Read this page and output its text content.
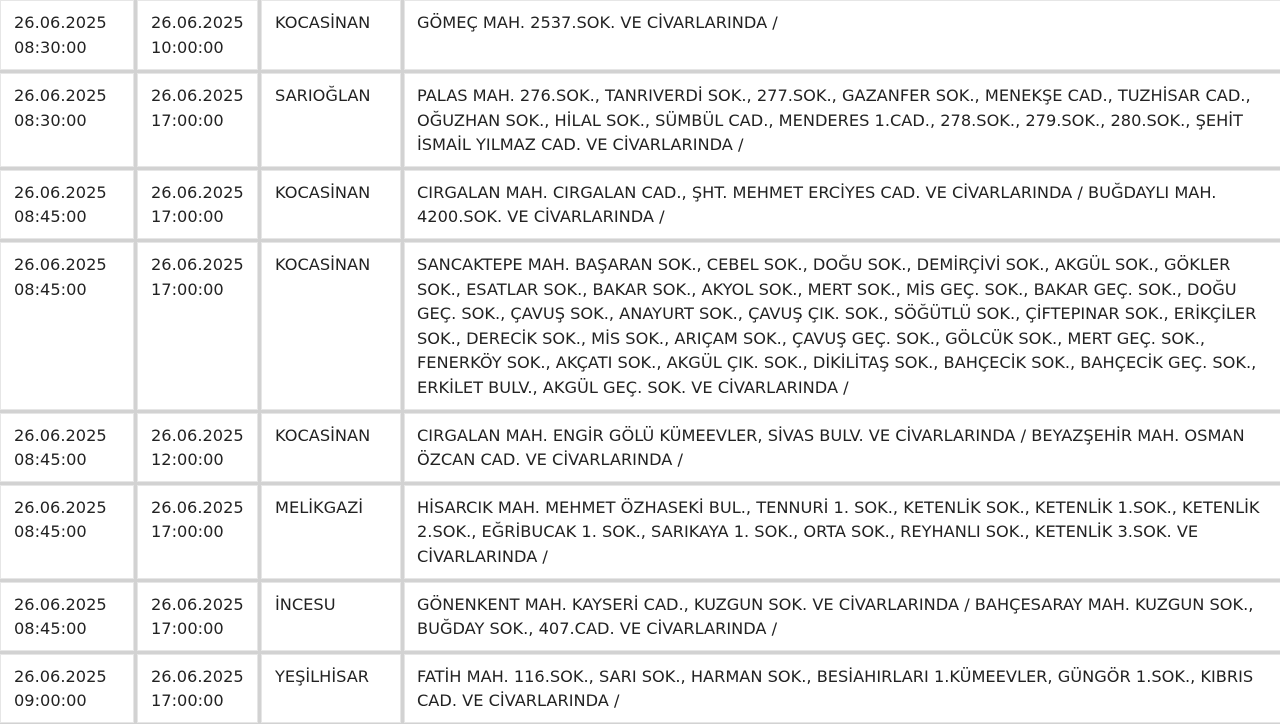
26.06.2025
08:30:00	26.06.2025
10:00:00	KOCASİNAN	GÖMEÇ MAH. 2537.SOK. VE CİVARLARINDA /

26.06.2025
08:30:00	26.06.2025
17:00:00	SARIOĞLAN	PALAS MAH. 276.SOK., TANRIVERDİ SOK., 277.SOK., GAZANFER SOK., MENEKŞE CAD., TUZHİSAR CAD., OĞUZHAN SOK., HİLAL SOK., SÜMBÜL CAD., MENDERES 1.CAD., 278.SOK., 279.SOK., 280.SOK., ŞEHİT İSMAİL YILMAZ CAD. VE CİVARLARINDA /

26.06.2025
08:45:00	26.06.2025
17:00:00	KOCASİNAN	CIRGALAN MAH. CIRGALAN CAD., ŞHT. MEHMET ERCİYES CAD. VE CİVARLARINDA / BUĞDAYLI MAH. 4200.SOK. VE CİVARLARINDA /

26.06.2025
08:45:00	26.06.2025
17:00:00	KOCASİNAN	SANCAKTEPE MAH. BAŞARAN SOK., CEBEL SOK., DOĞU SOK., DEMİRÇİVİ SOK., AKGÜL SOK., GÖKLER SOK., ESATLAR SOK., BAKAR SOK., AKYOL SOK., MERT SOK., MİS GEÇ. SOK., BAKAR GEÇ. SOK., DOĞU GEÇ. SOK., ÇAVUŞ SOK., ANAYURT SOK., ÇAVUŞ ÇIK. SOK., SÖĞÜTLÜ SOK., ÇİFTEPINAR SOK., ERİKÇİLER SOK., DERECİK SOK., MİS SOK., ARIÇAM SOK., ÇAVUŞ GEÇ. SOK., GÖLCÜK SOK., MERT GEÇ. SOK., FENERKÖY SOK., AKÇATI SOK., AKGÜL ÇIK. SOK., DİKİLİTAŞ SOK., BAHÇECİK SOK., BAHÇECİK GEÇ. SOK., ERKİLET BULV., AKGÜL GEÇ. SOK. VE CİVARLARINDA /

26.06.2025
08:45:00	26.06.2025
12:00:00	KOCASİNAN	CIRGALAN MAH. ENGİR GÖLÜ KÜMEEVLER, SİVAS BULV. VE CİVARLARINDA / BEYAZŞEHİR MAH. OSMAN ÖZCAN CAD. VE CİVARLARINDA /

26.06.2025
08:45:00	26.06.2025
17:00:00	MELİKGAZİ	HİSARCIK MAH. MEHMET ÖZHASEKİ BUL., TENNURİ 1. SOK., KETENLİK SOK., KETENLİK 1.SOK., KETENLİK 2.SOK., EĞRİBUCAK 1. SOK., SARIKAYA 1. SOK., ORTA SOK., REYHANLI SOK., KETENLİK 3.SOK. VE CİVARLARINDA /

26.06.2025
08:45:00	26.06.2025
17:00:00	İNCESU	GÖNENKENT MAH. KAYSERİ CAD., KUZGUN SOK. VE CİVARLARINDA / BAHÇESARAY MAH. KUZGUN SOK., BUĞDAY SOK., 407.CAD. VE CİVARLARINDA /

26.06.2025
09:00:00	26.06.2025
17:00:00	YEŞİLHİSAR	FATİH MAH. 116.SOK., SARI SOK., HARMAN SOK., BESİAHIRLARI 1.KÜMEEVLER, GÜNGÖR 1.SOK., KIBRIS CAD. VE CİVARLARINDA /
